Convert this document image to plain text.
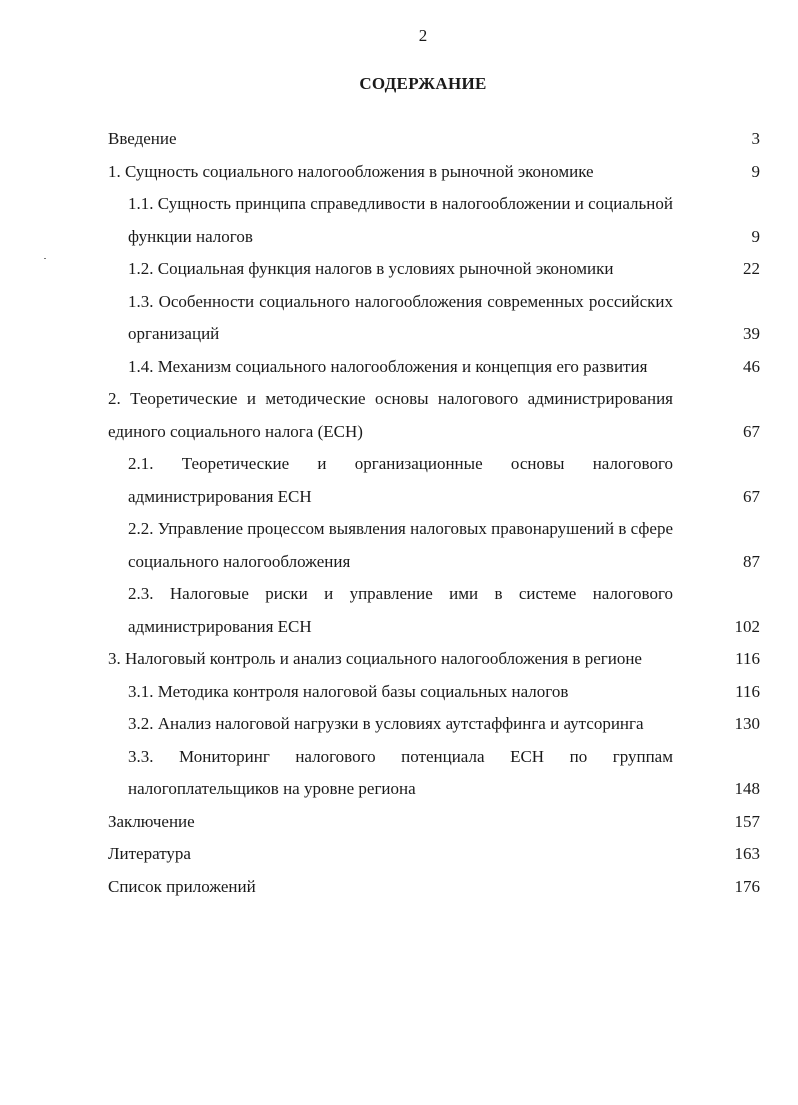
2
СОДЕРЖАНИЕ
Введение	3
1. Сущность социального налогообложения в рыночной экономике	9
1.1. Сущность принципа справедливости в налогообложении и социальной функции налогов	9
1.2. Социальная функция налогов в условиях рыночной экономики	22
1.3. Особенности социального налогообложения современных российских организаций	39
1.4. Механизм социального налогообложения и концепция его развития	46
2. Теоретические и методические основы налогового администрирования единого социального налога (ЕСН)	67
2.1. Теоретические и организационные основы налогового администрирования ЕСН	67
2.2. Управление процессом выявления налоговых правонарушений в сфере социального налогообложения	87
2.3. Налоговые риски и управление ими в системе налогового администрирования ЕСН	102
3. Налоговый контроль и анализ социального налогообложения в регионе	116
3.1. Методика контроля налоговой базы социальных налогов	116
3.2. Анализ налоговой нагрузки в условиях аутстаффинга и аутсоринга	130
3.3. Мониторинг налогового потенциала ЕСН по группам налогоплательщиков на уровне региона	148
Заключение	157
Литература	163
Список приложений	176
